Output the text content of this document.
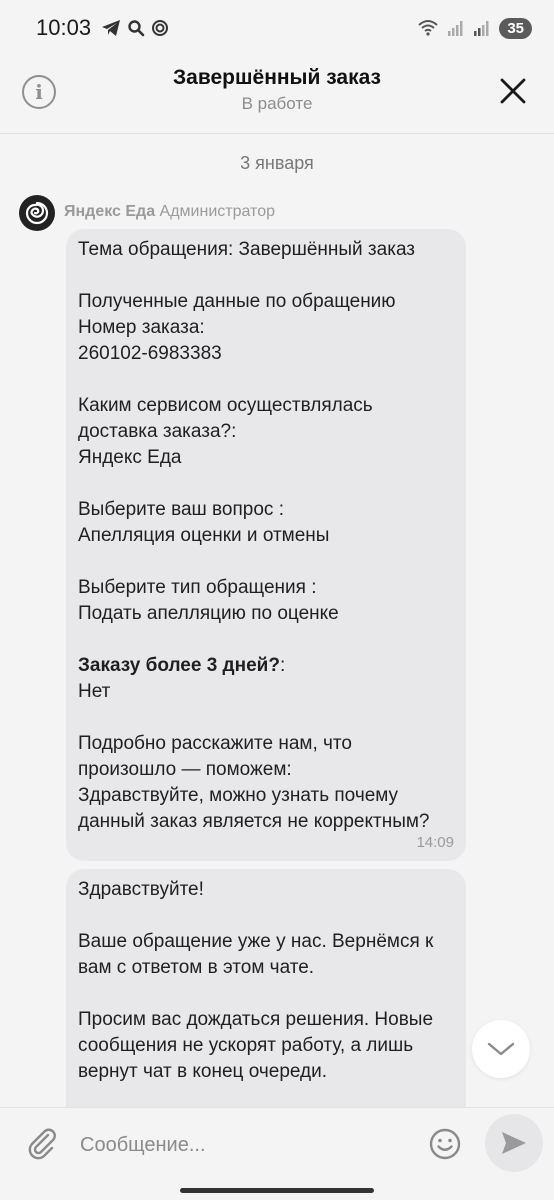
10:03	35
i
Завершённый заказ
В работе
3 января
Яндекс Еда Администратор
Тема обращения: Завершённый заказ
Полученные данные по обращению
Номер заказа:
260102-6983383
Каким сервисом осуществлялась
доставка заказа?:
Яндекс Еда
Выберите ваш вопрос :
Апелляция оценки и отмены
Выберите тип обращения :
Подать апелляцию по оценке
Заказу более 3 дней?:
Нет
Подробно расскажите нам, что
произошло — поможем:
Здравствуйте, можно узнать почему
данный заказ является не корректным?
14:09
Здравствуйте!
Ваше обращение уже у нас. Вернёмся к
вам с ответом в этом чате.
Просим вас дождаться решения. Новые
сообщения не ускорят работу, а лишь
вернут чат в конец очереди.
Сообщение...
